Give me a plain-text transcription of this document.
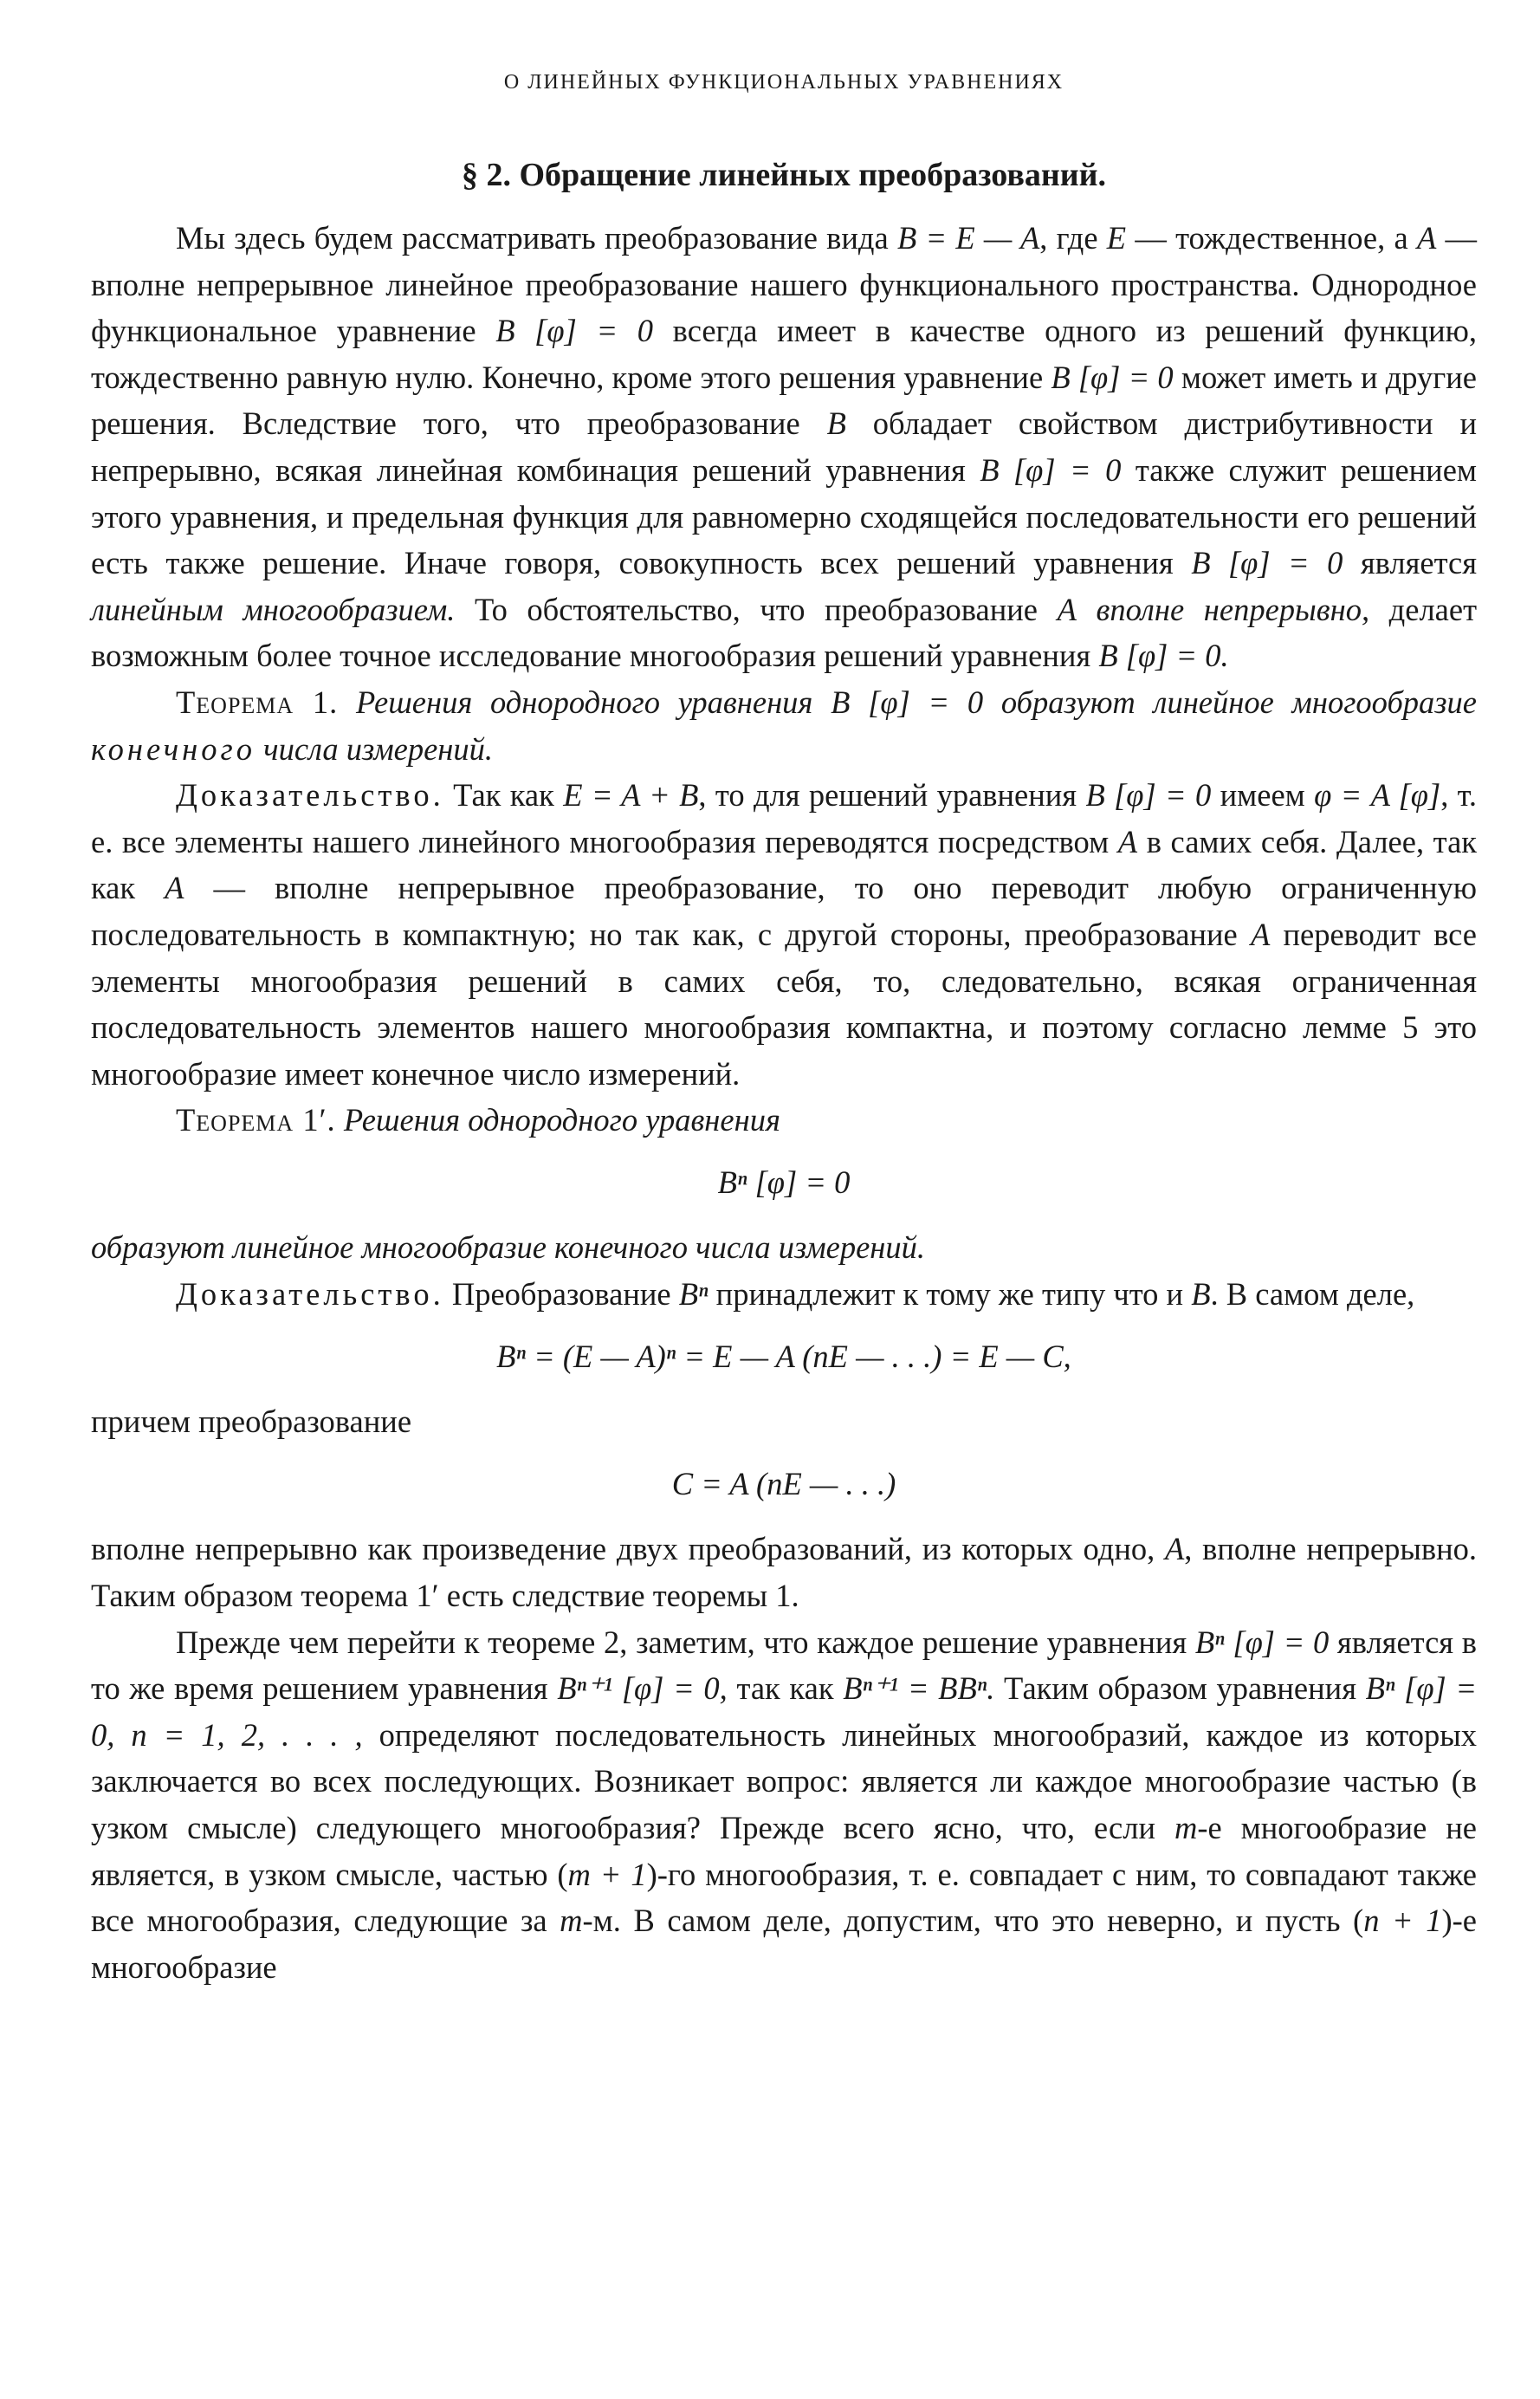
О ЛИНЕЙНЫХ ФУНКЦИОНАЛЬНЫХ УРАВНЕНИЯХ
§ 2. Обращение линейных преобразований.

Мы здесь будем рассматривать преобразование вида B = E — A, где E — тождественное, а A — вполне непрерывное линейное преобразование нашего функционального пространства. Однородное функциональное уравнение B [φ] = 0 всегда имеет в качестве одного из решений функцию, тождественно равную нулю. Конечно, кроме этого решения уравнение B [φ] = 0 может иметь и другие решения. Вследствие того, что преобразование B обладает свойством дистрибутивности и непрерывно, всякая линейная комбинация решений уравнения B [φ] = 0 также служит решением этого уравнения, и предельная функция для равномерно сходящейся последовательности его решений есть также решение. Иначе говоря, совокупность всех решений уравнения B [φ] = 0 является линейным многообразием. То обстоятельство, что преобразование A вполне непрерывно, делает возможным более точное исследование многообразия решений уравнения B [φ] = 0.

Теорема 1. Решения однородного уравнения B [φ] = 0 образуют линейное многообразие конечного числа измерений.

Доказательство. Так как E = A + B, то для решений уравнения B [φ] = 0 имеем φ = A [φ], т. е. все элементы нашего линейного многообразия переводятся посредством A в самих себя. Далее, так как A — вполне непрерывное преобразование, то оно переводит любую ограниченную последовательность в компактную; но так как, с другой стороны, преобразование A переводит все элементы многообразия решений в самих себя, то, следовательно, всякая ограниченная последовательность элементов нашего многообразия компактна, и поэтому согласно лемме 5 это многообразие имеет конечное число измерений.

Теорема 1′. Решения однородного уравнения

Bⁿ [φ] = 0

образуют линейное многообразие конечного числа измерений.

Доказательство. Преобразование Bⁿ принадлежит к тому же типу что и B. В самом деле,

Bⁿ = (E — A)ⁿ = E — A (nE — . . .) = E — C,

причем преобразование

C = A (nE — . . .)

вполне непрерывно как произведение двух преобразований, из которых одно, A, вполне непрерывно. Таким образом теорема 1′ есть следствие теоремы 1.

Прежде чем перейти к теореме 2, заметим, что каждое решение уравнения Bⁿ [φ] = 0 является в то же время решением уравнения Bⁿ⁺¹ [φ] = 0, так как Bⁿ⁺¹ = BBⁿ. Таким образом уравнения Bⁿ [φ] = 0, n = 1, 2, . . . , определяют последовательность линейных многообразий, каждое из которых заключается во всех последующих. Возникает вопрос: является ли каждое многообразие частью (в узком смысле) следующего многообразия? Прежде всего ясно, что, если m-е многообразие не является, в узком смысле, частью (m + 1)-го многообразия, т. е. совпадает с ним, то совпадают также все многообразия, следующие за m-м. В самом деле, допустим, что это неверно, и пусть (n + 1)-е многообразие
